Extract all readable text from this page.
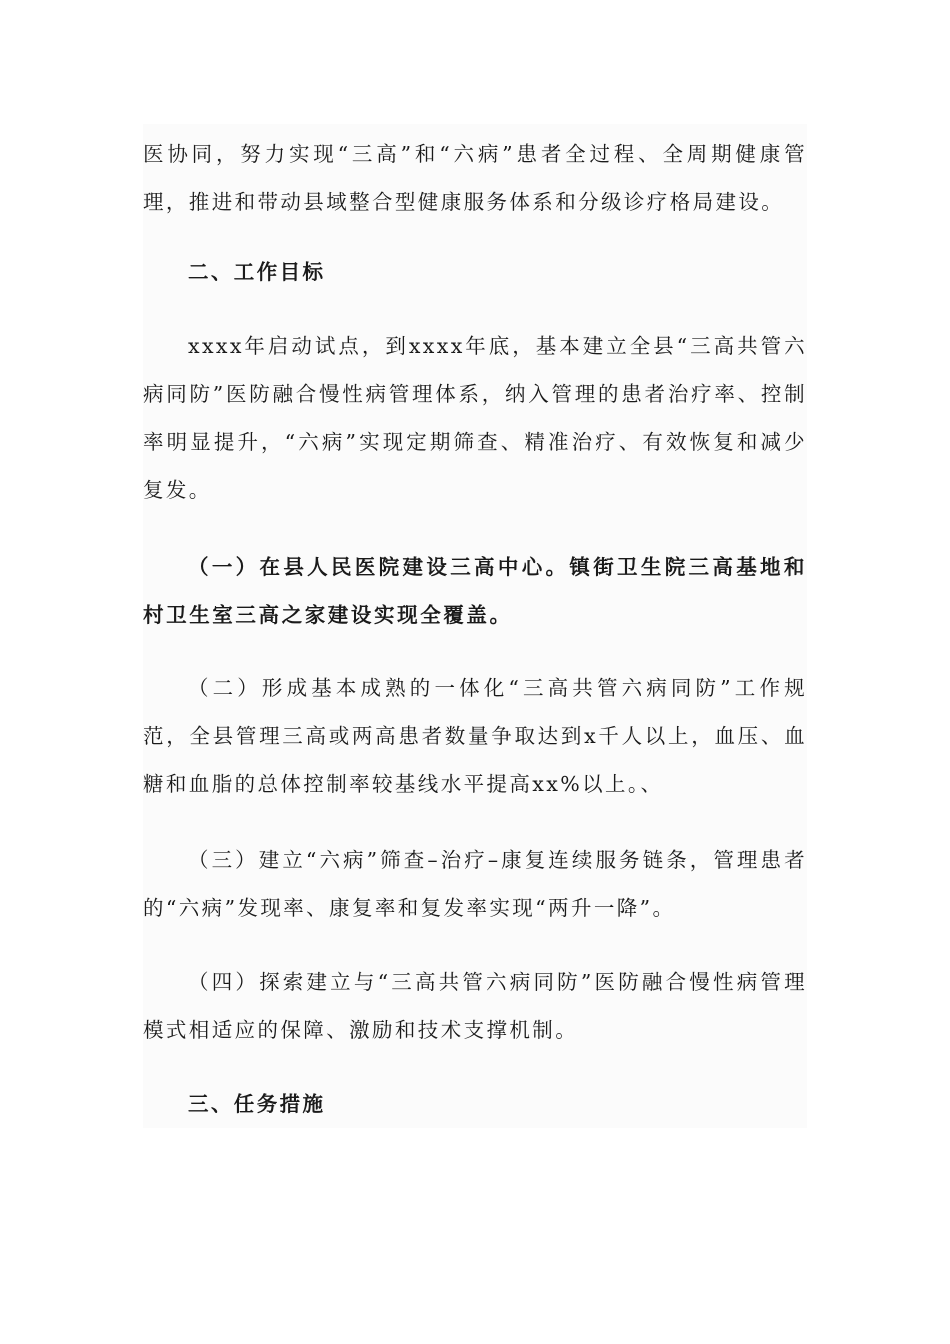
医协同，努力实现“三高”和“六病”患者全过程、全周期健康管理，推进和带动县域整合型健康服务体系和分级诊疗格局建设。

二、工作目标

xxxx年启动试点，到xxxx年底，基本建立全县“三高共管六病同防”医防融合慢性病管理体系，纳入管理的患者治疗率、控制率明显提升，“六病”实现定期筛查、精准治疗、有效恢复和减少复发。

（一）在县人民医院建设三高中心。镇街卫生院三高基地和村卫生室三高之家建设实现全覆盖。

（二）形成基本成熟的一体化“三高共管六病同防”工作规范，全县管理三高或两高患者数量争取达到x千人以上，血压、血糖和血脂的总体控制率较基线水平提高xx%以上。、

（三）建立“六病”筛查–治疗–康复连续服务链条，管理患者的“六病”发现率、康复率和复发率实现“两升一降”。

（四）探索建立与“三高共管六病同防”医防融合慢性病管理模式相适应的保障、激励和技术支撑机制。

三、任务措施
